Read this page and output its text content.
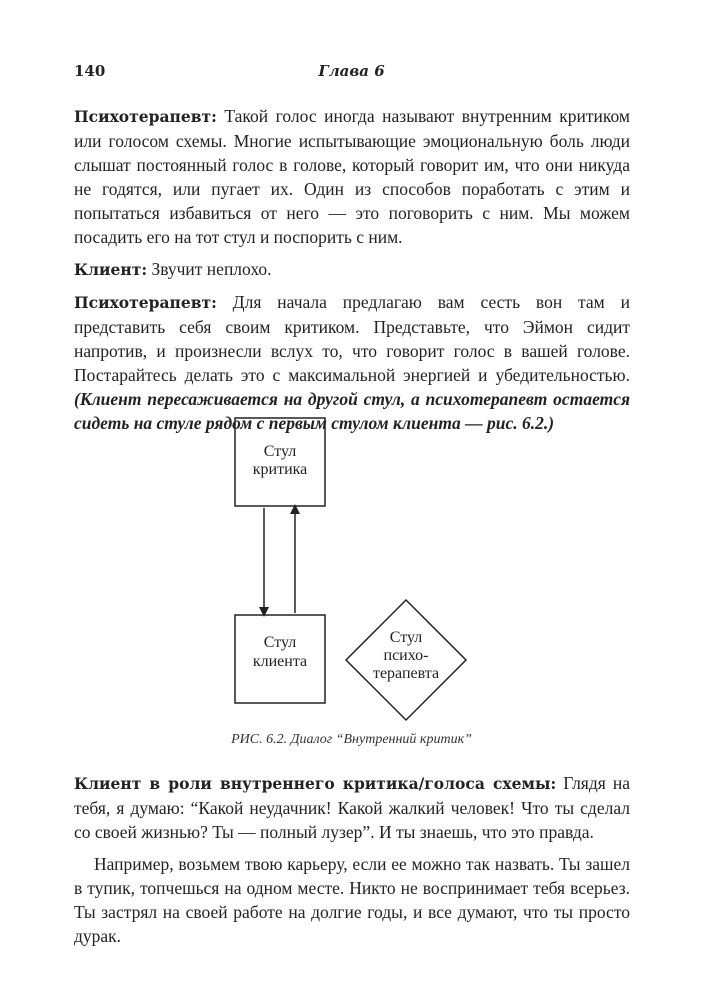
140	Глава 6

Психотерапевт: Такой голос иногда называют внутренним критиком или голосом схемы. Многие испытывающие эмоциональную боль люди слышат постоянный голос в голове, который говорит им, что они никуда не годятся, или пугает их. Один из способов поработать с этим и попытаться избавиться от него — это поговорить с ним. Мы можем посадить его на тот стул и поспорить с ним.

Клиент: Звучит неплохо.

Психотерапевт: Для начала предлагаю вам сесть вон там и представить себя своим критиком. Представьте, что Эймон сидит напротив, и произнесли вслух то, что говорит голос в вашей голове. Постарайтесь делать это с максимальной энергией и убедительностью. (Клиент пересаживается на другой стул, а психотерапевт остается сидеть на стуле рядом с первым стулом клиента — рис. 6.2.)

Стул
критика
Стул
клиента
Стул
психо-
терапевта
РИС. 6.2. Диалог “Внутренний критик”

Клиент в роли внутреннего критика/голоса схемы: Глядя на тебя, я думаю: “Какой неудачник! Какой жалкий человек! Что ты сделал со своей жизнью? Ты — полный лузер”. И ты знаешь, что это правда.

Например, возьмем твою карьеру, если ее можно так назвать. Ты зашел в тупик, топчешься на одном месте. Никто не воспринимает тебя всерьез. Ты застрял на своей работе на долгие годы, и все думают, что ты просто дурак.
